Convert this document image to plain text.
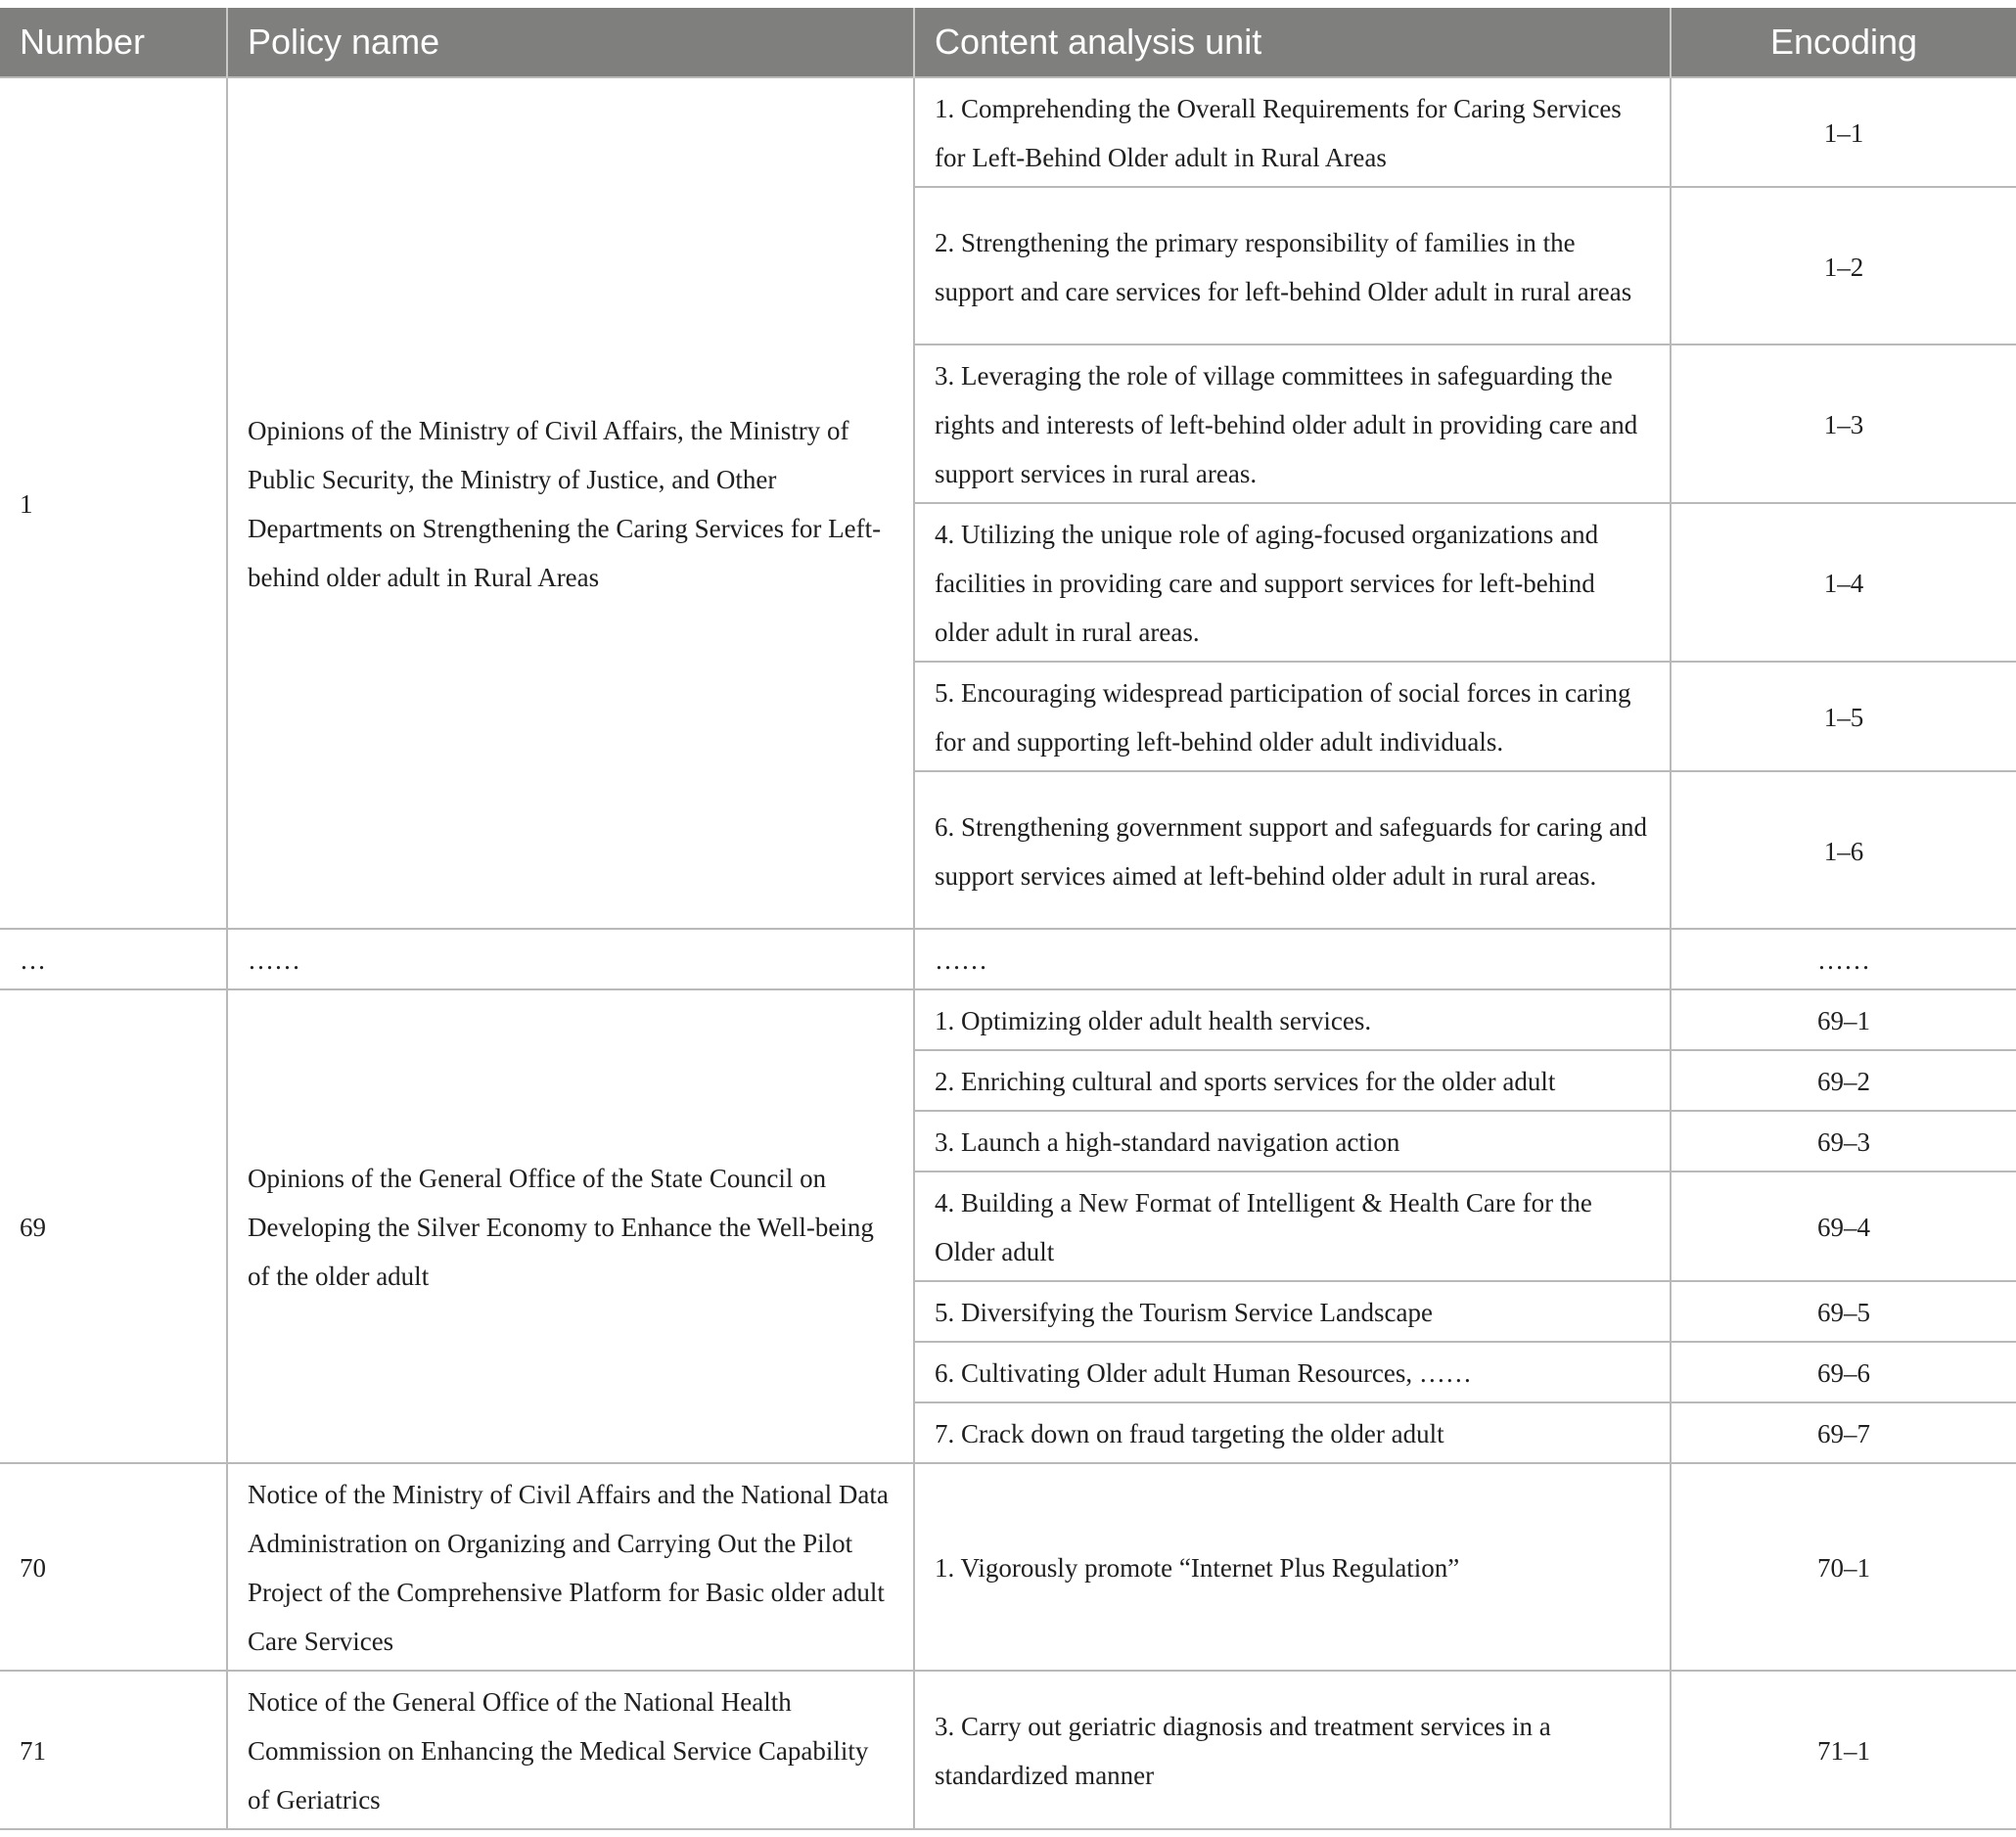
Number	Policy name	Content analysis unit	Encoding
1	Opinions of the Ministry of Civil Affairs, the Ministry of Public Security, the Ministry of Justice, and Other Departments on Strengthening the Caring Services for Left-behind older adult in Rural Areas	1. Comprehending the Overall Requirements for Caring Services for Left-Behind Older adult in Rural Areas	1–1
		2. Strengthening the primary responsibility of families in the support and care services for left-behind Older adult in rural areas	1–2
		3. Leveraging the role of village committees in safeguarding the rights and interests of left-behind older adult in providing care and support services in rural areas.	1–3
		4. Utilizing the unique role of aging-focused organizations and facilities in providing care and support services for left-behind older adult in rural areas.	1–4
		5. Encouraging widespread participation of social forces in caring for and supporting left-behind older adult individuals.	1–5
		6. Strengthening government support and safeguards for caring and support services aimed at left-behind older adult in rural areas.	1–6
…	……	……	……
69	Opinions of the General Office of the State Council on Developing the Silver Economy to Enhance the Well-being of the older adult	1. Optimizing older adult health services.	69–1
		2. Enriching cultural and sports services for the older adult	69–2
		3. Launch a high-standard navigation action	69–3
		4. Building a New Format of Intelligent & Health Care for the Older adult	69–4
		5. Diversifying the Tourism Service Landscape	69–5
		6. Cultivating Older adult Human Resources, ……	69–6
		7. Crack down on fraud targeting the older adult	69–7
70	Notice of the Ministry of Civil Affairs and the National Data Administration on Organizing and Carrying Out the Pilot Project of the Comprehensive Platform for Basic older adult Care Services	1. Vigorously promote “Internet Plus Regulation”	70–1
71	Notice of the General Office of the National Health Commission on Enhancing the Medical Service Capability of Geriatrics	3. Carry out geriatric diagnosis and treatment services in a standardized manner	71–1
